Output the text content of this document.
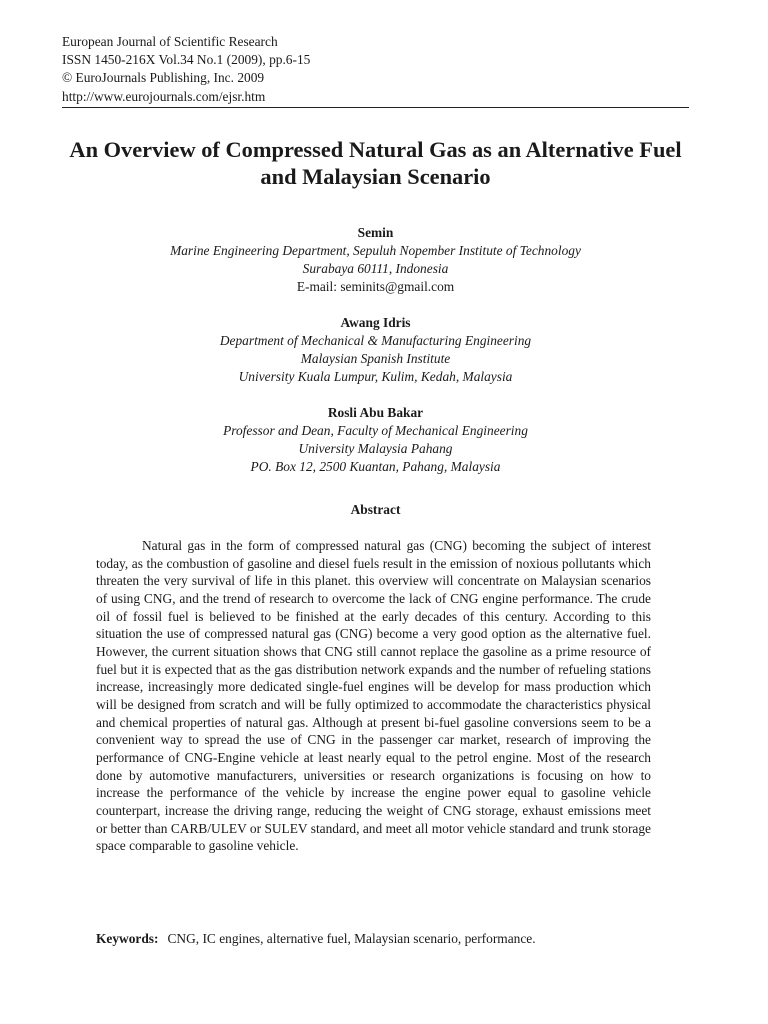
European Journal of Scientific Research
ISSN 1450-216X Vol.34 No.1 (2009), pp.6-15
© EuroJournals Publishing, Inc. 2009
http://www.eurojournals.com/ejsr.htm
An Overview of Compressed Natural Gas as an Alternative Fuel and Malaysian Scenario
Semin
Marine Engineering Department, Sepuluh Nopember Institute of Technology
Surabaya 60111, Indonesia
E-mail: seminits@gmail.com
Awang Idris
Department of Mechanical & Manufacturing Engineering
Malaysian Spanish Institute
University Kuala Lumpur, Kulim, Kedah, Malaysia
Rosli Abu Bakar
Professor and Dean, Faculty of Mechanical Engineering
University Malaysia Pahang
PO. Box 12, 2500 Kuantan, Pahang, Malaysia
Abstract

Natural gas in the form of compressed natural gas (CNG) becoming the subject of interest today, as the combustion of gasoline and diesel fuels result in the emission of noxious pollutants which threaten the very survival of life in this planet. this overview will concentrate on Malaysian scenarios of using CNG, and the trend of research to overcome the lack of CNG engine performance. The crude oil of fossil fuel is believed to be finished at the early decades of this century. According to this situation the use of compressed natural gas (CNG) become a very good option as the alternative fuel. However, the current situation shows that CNG still cannot replace the gasoline as a prime resource of fuel but it is expected that as the gas distribution network expands and the number of refueling stations increase, increasingly more dedicated single-fuel engines will be develop for mass production which will be designed from scratch and will be fully optimized to accommodate the characteristics physical and chemical properties of natural gas. Although at present bi-fuel gasoline conversions seem to be a convenient way to spread the use of CNG in the passenger car market, research of improving the performance of CNG-Engine vehicle at least nearly equal to the petrol engine. Most of the research done by automotive manufacturers, universities or research organizations is focusing on how to increase the performance of the vehicle by increase the engine power equal to gasoline vehicle counterpart, increase the driving range, reducing the weight of CNG storage, exhaust emissions meet or better than CARB/ULEV or SULEV standard, and meet all motor vehicle standard and trunk storage space comparable to gasoline vehicle.

Keywords: CNG, IC engines, alternative fuel, Malaysian scenario, performance.
